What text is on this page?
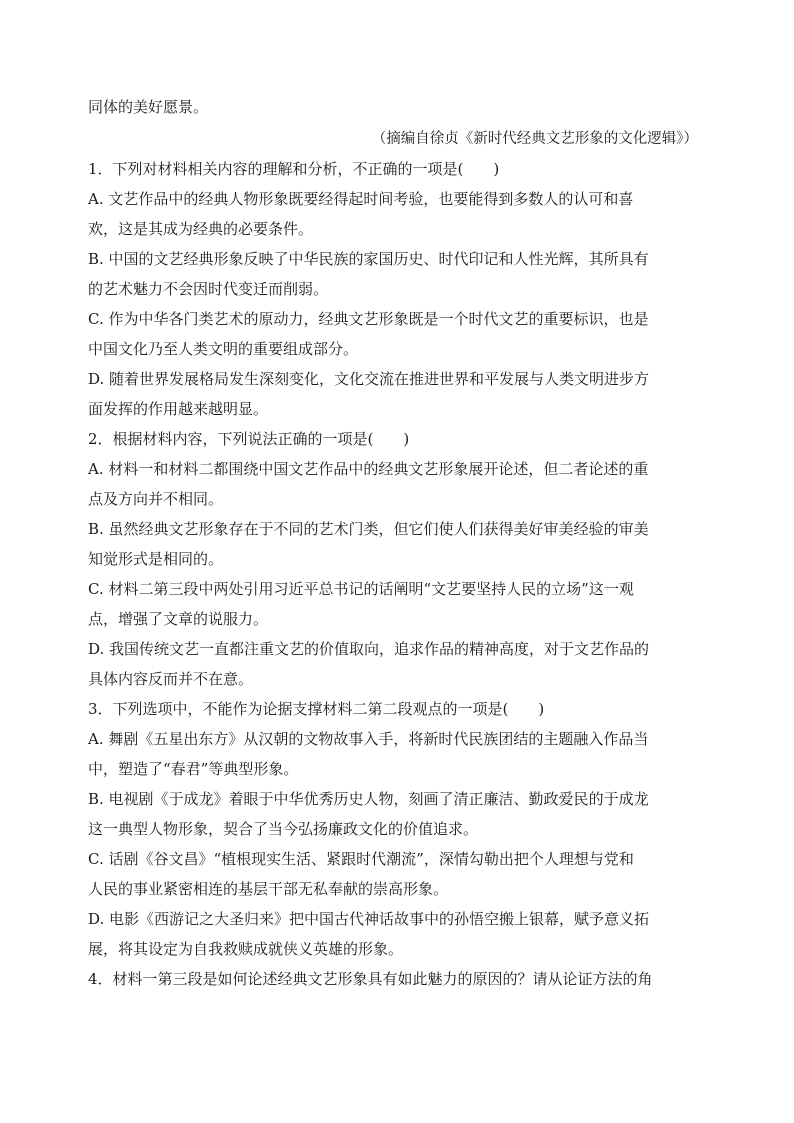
同体的美好愿景。
（摘编自徐贞《新时代经典文艺形象的文化逻辑》）
1．下列对材料相关内容的理解和分析，不正确的一项是(　　)
A. 文艺作品中的经典人物形象既要经得起时间考验，也要能得到多数人的认可和喜
欢，这是其成为经典的必要条件。
B. 中国的文艺经典形象反映了中华民族的家国历史、时代印记和人性光辉，其所具有
的艺术魅力不会因时代变迁而削弱。
C. 作为中华各门类艺术的原动力，经典文艺形象既是一个时代文艺的重要标识，也是
中国文化乃至人类文明的重要组成部分。
D. 随着世界发展格局发生深刻变化，文化交流在推进世界和平发展与人类文明进步方
面发挥的作用越来越明显。
2．根据材料内容，下列说法正确的一项是(　　)
A. 材料一和材料二都围绕中国文艺作品中的经典文艺形象展开论述，但二者论述的重
点及方向并不相同。
B. 虽然经典文艺形象存在于不同的艺术门类，但它们使人们获得美好审美经验的审美
知觉形式是相同的。
C. 材料二第三段中两处引用习近平总书记的话阐明“文艺要坚持人民的立场”这一观
点，增强了文章的说服力。
D. 我国传统文艺一直都注重文艺的价值取向，追求作品的精神高度，对于文艺作品的
具体内容反而并不在意。
3．下列选项中，不能作为论据支撑材料二第二段观点的一项是(　　)
A. 舞剧《五星出东方》从汉朝的文物故事入手，将新时代民族团结的主题融入作品当
中，塑造了“春君”等典型形象。
B. 电视剧《于成龙》着眼于中华优秀历史人物，刻画了清正廉洁、勤政爱民的于成龙
这一典型人物形象，契合了当今弘扬廉政文化的价值追求。
C. 话剧《谷文昌》“植根现实生活、紧跟时代潮流”，深情勾勒出把个人理想与党和
人民的事业紧密相连的基层干部无私奉献的崇高形象。
D. 电影《西游记之大圣归来》把中国古代神话故事中的孙悟空搬上银幕，赋予意义拓
展，将其设定为自我救赎成就侠义英雄的形象。
4．材料一第三段是如何论述经典文艺形象具有如此魅力的原因的？请从论证方法的角
